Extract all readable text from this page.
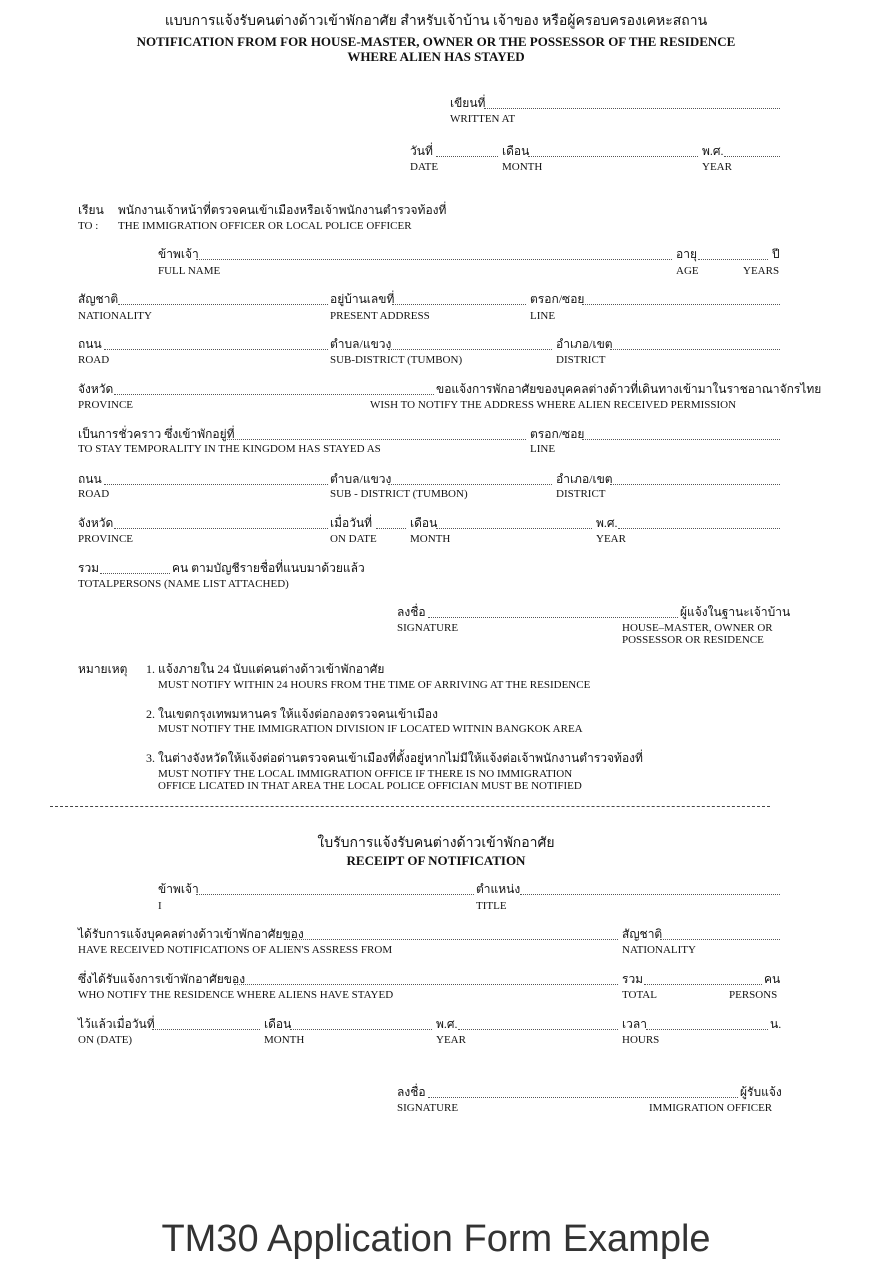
แบบการแจ้งรับคนต่างด้าวเข้าพักอาศัย สำหรับเจ้าบ้าน เจ้าของ หรือผู้ครอบครองเคหะสถาน
NOTIFICATION FROM FOR HOUSE-MASTER, OWNER OR THE POSSESSOR OF THE RESIDENCE
WHERE ALIEN HAS STAYED
เขียนที่
WRITTEN AT
วันที่	เดือน	พ.ศ.
DATE	MONTH	YEAR
เรียน พนักงานเจ้าหน้าที่ตรวจคนเข้าเมืองหรือเจ้าพนักงานตำรวจท้องที่
TO : THE IMMIGRATION OFFICER OR LOCAL POLICE OFFICER
ข้าพเจ้า	อายุ	ปี
FULL NAME	AGE	YEARS
สัญชาติ	อยู่บ้านเลขที่	ตรอก/ซอย
NATIONALITY	PRESENT ADDRESS	LINE
ถนน	ตำบล/แขวง	อำเภอ/เขต
ROAD	SUB-DISTRICT (TUMBON)	DISTRICT
จังหวัด	ขอแจ้งการพักอาศัยของบุคคลต่างด้าวที่เดินทางเข้ามาในราชอาณาจักรไทย
PROVINCE	WISH TO NOTIFY THE ADDRESS WHERE ALIEN RECEIVED PERMISSION
เป็นการชั่วคราว ซึ่งเข้าพักอยู่ที่	ตรอก/ซอย
TO STAY TEMPORALITY IN THE KINGDOM HAS STAYED AS	LINE
ถนน	ตำบล/แขวง	อำเภอ/เขต
ROAD	SUB - DISTRICT (TUMBON)	DISTRICT
จังหวัด	เมื่อวันที่	เดือน	พ.ศ.
PROVINCE	ON DATE	MONTH	YEAR
รวม	คน ตามบัญชีรายชื่อที่แนบมาด้วยแล้ว
TOTALPERSONS (NAME LIST ATTACHED)
ลงชื่อ	ผู้แจ้งในฐานะเจ้าบ้าน
SIGNATURE	HOUSE–MASTER, OWNER OR
POSSESSOR OR RESIDENCE
หมายเหตุ 1. แจ้งภายใน 24 นับแต่คนต่างด้าวเข้าพักอาศัย
MUST NOTIFY WITHIN 24 HOURS FROM THE TIME OF ARRIVING AT THE RESIDENCE
2. ในเขตกรุงเทพมหานคร ให้แจ้งต่อกองตรวจคนเข้าเมือง
MUST NOTIFY THE IMMIGRATION DIVISION IF LOCATED WITNIN BANGKOK AREA
3. ในต่างจังหวัดให้แจ้งต่อด่านตรวจคนเข้าเมืองที่ตั้งอยู่หากไม่มีให้แจ้งต่อเจ้าพนักงานตำรวจท้องที่
MUST NOTIFY THE LOCAL IMMIGRATION OFFICE IF THERE IS NO IMMIGRATION
OFFICE LICATED IN THAT AREA THE LOCAL POLICE OFFICIAN MUST BE NOTIFIED
ใบรับการแจ้งรับคนต่างด้าวเข้าพักอาศัย
RECEIPT OF NOTIFICATION
ข้าพเจ้า	ตำแหน่ง
I	TITLE
ได้รับการแจ้งบุคคลต่างด้าวเข้าพักอาศัยของ	สัญชาติ
HAVE RECEIVED NOTIFICATIONS OF ALIEN'S ASSRESS FROM	NATIONALITY
ซึ่งได้รับแจ้งการเข้าพักอาศัยของ	รวม	คน
WHO NOTIFY THE RESIDENCE WHERE ALIENS HAVE STAYED	TOTAL	PERSONS
ไว้แล้วเมื่อวันที่	เดือน	พ.ศ.	เวลา	น.
ON (DATE)	MONTH	YEAR	HOURS
ลงชื่อ	ผู้รับแจ้ง
SIGNATURE	IMMIGRATION OFFICER
TM30 Application Form Example
